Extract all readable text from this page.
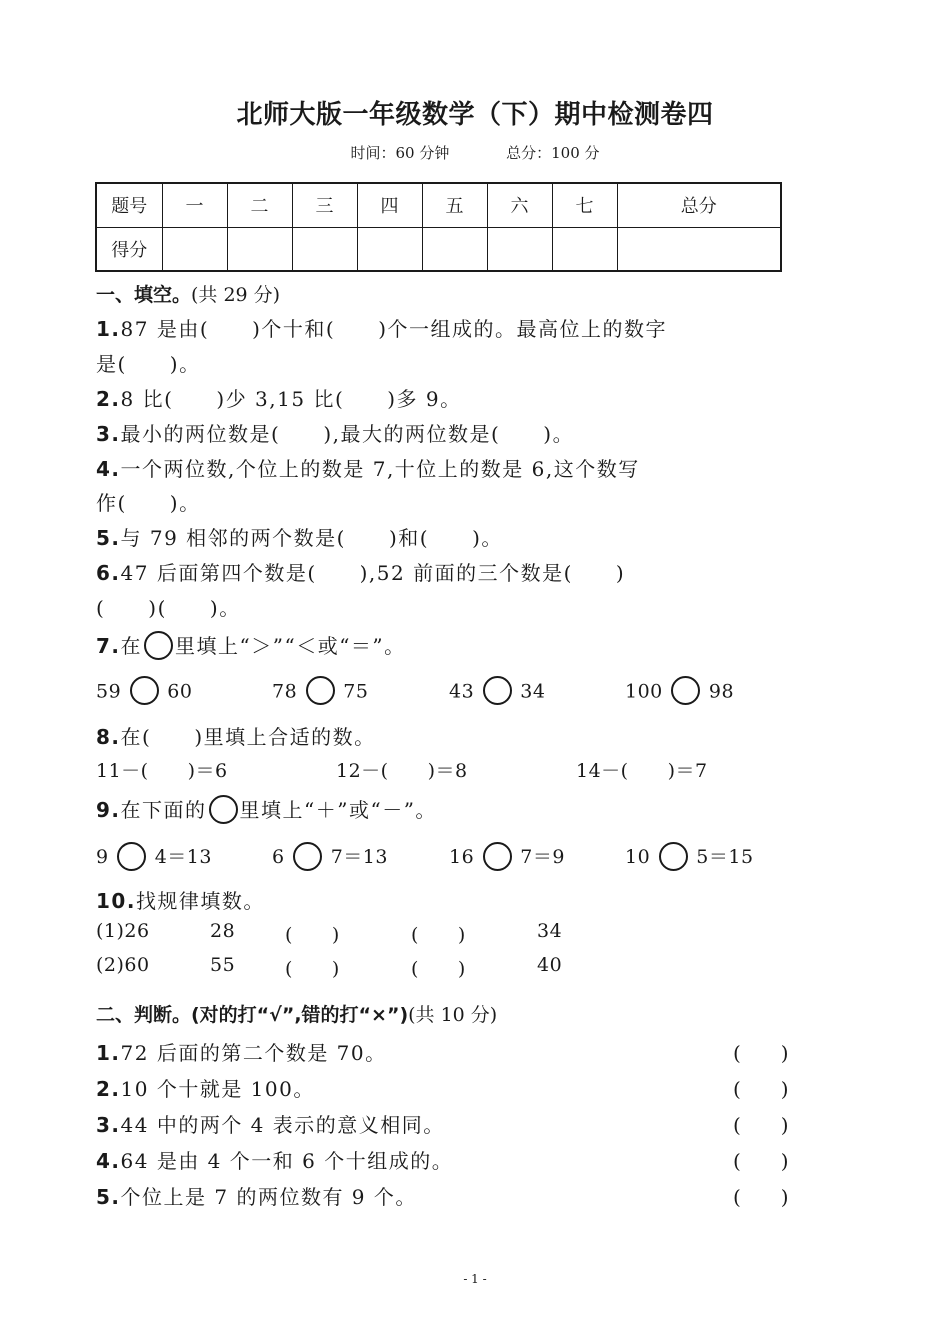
北师大版一年级数学（下）期中检测卷四
时间：60 分钟	总分：100 分
题号	一	二	三	四	五	六	七	总分
得分								
一、填空。(共 29 分)
1.87 是由(　　)个十和(　　)个一组成的。最高位上的数字
是(　　)。
2.8 比(　　)少 3,15 比(　　)多 9。
3.最小的两位数是(　　),最大的两位数是(　　)。
4.一个两位数,个位上的数是 7,十位上的数是 6,这个数写
作(　　)。
5.与 79 相邻的两个数是(　　)和(　　)。
6.47 后面第四个数是(　　),52 前面的三个数是(　　)
(　　)(　　)。
7.在 里填上“＞”“＜或“＝”。
59 60	78 75	43 34	100 98
8.在(　　)里填上合适的数。
11－(　　)＝6	12－(　　)＝8	14－(　　)＝7
9.在下面的 里填上“＋”或“－”。
9 4＝13	6 7＝13	16 7＝9	10 5＝15
10.找规律填数。
(1)26	28	(　　)	(　　)	34
(2)60	55	(　　)	(　　)	40
二、判断。(对的打“√”,错的打“×”)(共 10 分)
1.72 后面的第二个数是 70。	(　　)
2.10 个十就是 100。	(　　)
3.44 中的两个 4 表示的意义相同。	(　　)
4.64 是由 4 个一和 6 个十组成的。	(　　)
5.个位上是 7 的两位数有 9 个。	(　　)
- 1 -
